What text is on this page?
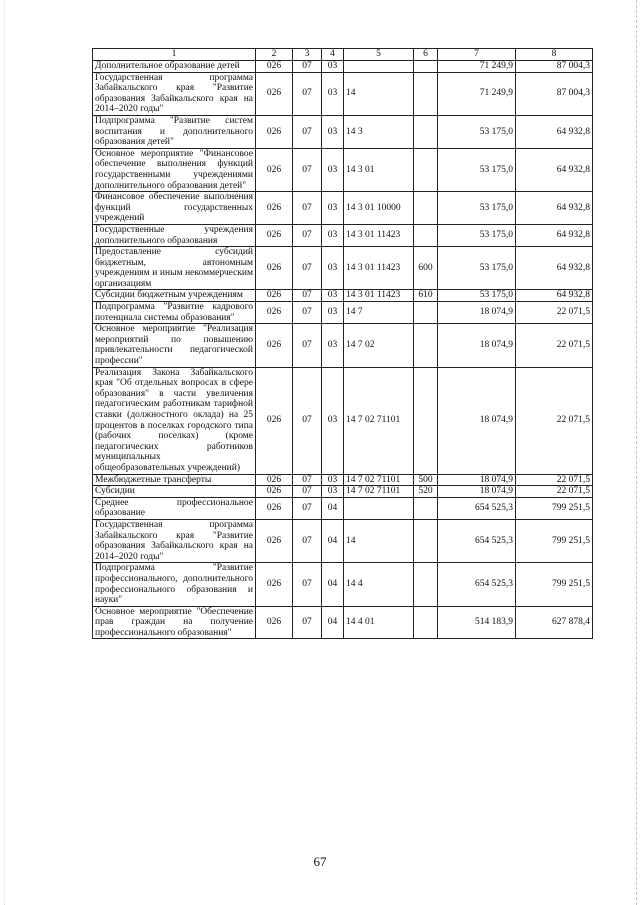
1	2	3	4	5	6	7	8
Дополнительное образование детей	026	07	03			71 249,9	87 004,3
Государственная программа Забайкальского края "Развитие образования Забайкальского края на 2014–2020 годы"	026	07	03	14		71 249,9	87 004,3
Подпрограмма "Развитие систем воспитания и дополнительного образования детей"	026	07	03	14 3		53 175,0	64 932,8
Основное мероприятие "Финансовое обеспечение выполнения функций государственными учреждениями дополнительного образования детей"	026	07	03	14 3 01		53 175,0	64 932,8
Финансовое обеспечение выполнения функций государственных учреждений	026	07	03	14 3 01 10000		53 175,0	64 932,8
Государственные учреждения дополнительного образования	026	07	03	14 3 01 11423		53 175,0	64 932,8
Предоставление субсидий бюджетным, автономным учреждениям и иным некоммерческим организациям	026	07	03	14 3 01 11423	600	53 175,0	64 932,8
Субсидии бюджетным учреждениям	026	07	03	14 3 01 11423	610	53 175,0	64 932,8
Подпрограмма "Развитие кадрового потенциала системы образования"	026	07	03	14 7		18 074,9	22 071,5
Основное мероприятие "Реализация мероприятий по повышению привлекательности педагогической профессии"	026	07	03	14 7 02		18 074,9	22 071,5
Реализация Закона Забайкальского края "Об отдельных вопросах в сфере образования" в части увеличения педагогическим работникам тарифной ставки (должностного оклада) на 25 процентов в поселках городского типа (рабочих поселках) (кроме педагогических работников муниципальных общеобразовательных учреждений)	026	07	03	14 7 02 71101		18 074,9	22 071,5
Межбюджетные трансферты	026	07	03	14 7 02 71101	500	18 074,9	22 071,5
Субсидии	026	07	03	14 7 02 71101	520	18 074,9	22 071,5
Среднее профессиональное образование	026	07	04			654 525,3	799 251,5
Государственная программа Забайкальского края "Развитие образования Забайкальского края на 2014–2020 годы"	026	07	04	14		654 525,3	799 251,5
Подпрограмма "Развитие профессионального, дополнительного профессионального образования и науки"	026	07	04	14 4		654 525,3	799 251,5
Основное мероприятие "Обеспечение прав граждан на получение профессионального образования"	026	07	04	14 4 01		514 183,9	627 878,4
67
